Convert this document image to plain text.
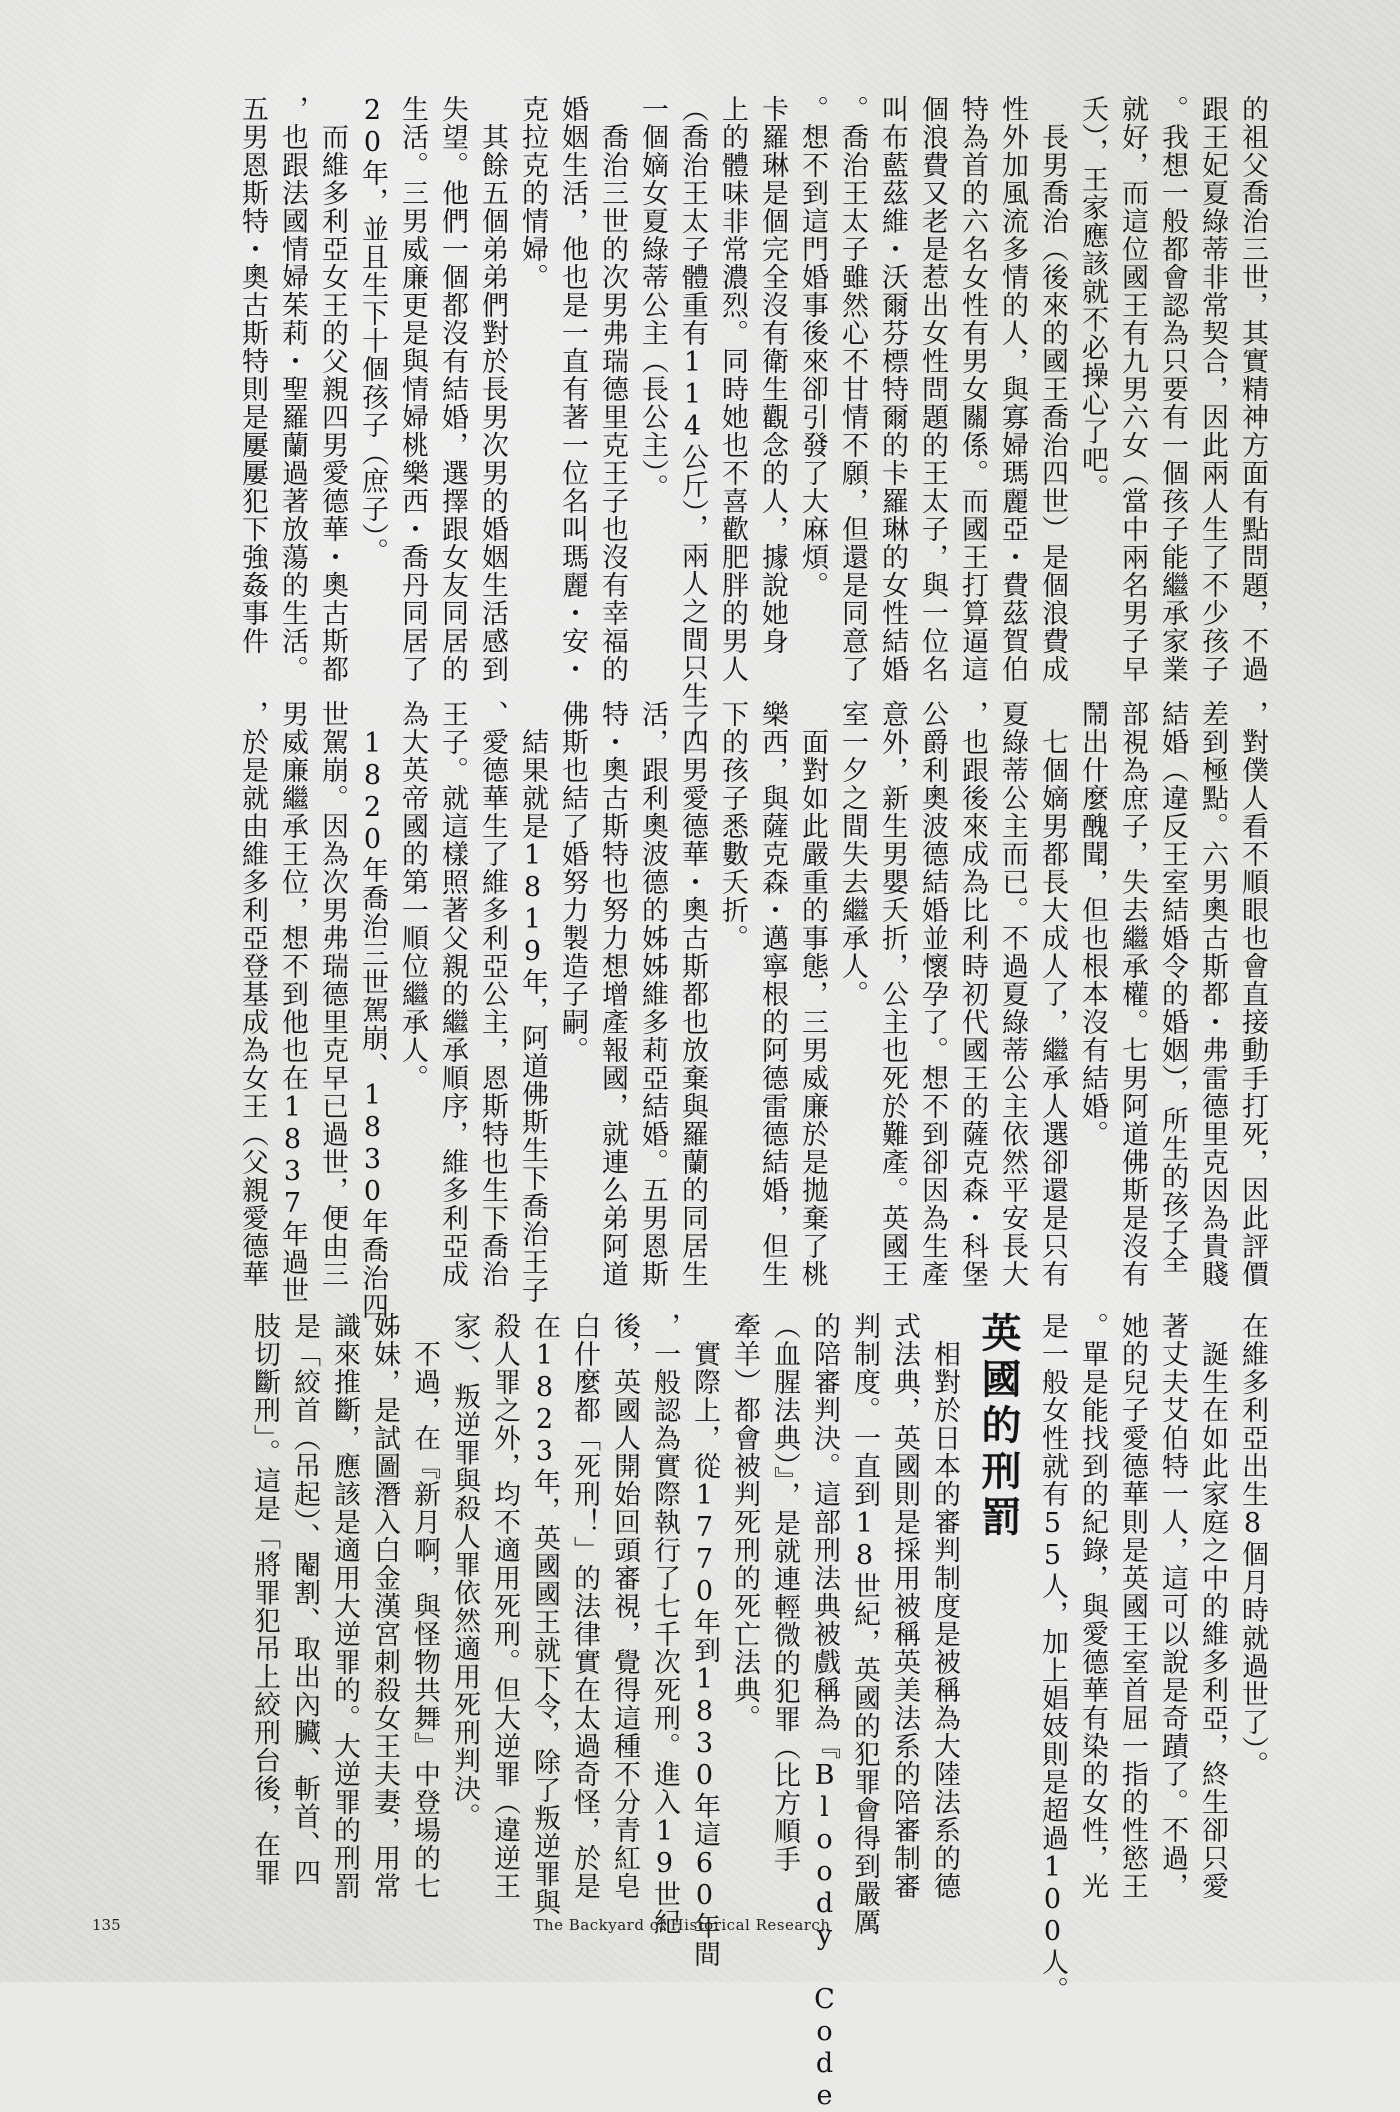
的祖父喬治三世，其實精神方面有點問題，不過
跟王妃夏綠蒂非常契合，因此兩人生了不少孩子
。我想一般都會認為只要有一個孩子能繼承家業
就好，而這位國王有九男六女（當中兩名男子早
夭），王家應該就不必操心了吧。
　長男喬治（後來的國王喬治四世）是個浪費成
性外加風流多情的人，與寡婦瑪麗亞・費茲賀伯
特為首的六名女性有男女關係。而國王打算逼這
個浪費又老是惹出女性問題的王太子，與一位名
叫布藍茲維・沃爾芬標特爾的卡羅琳的女性結婚
。喬治王太子雖然心不甘情不願，但還是同意了
。想不到這門婚事後來卻引發了大麻煩。
卡羅琳是個完全沒有衛生觀念的人，據說她身
上的體味非常濃烈。同時她也不喜歡肥胖的男人
（喬治王太子體重有114公斤），兩人之間只生了
一個嫡女夏綠蒂公主（長公主）。
　喬治三世的次男弗瑞德里克王子也沒有幸福的
婚姻生活，他也是一直有著一位名叫瑪麗・安・
克拉克的情婦。
　其餘五個弟弟們對於長男次男的婚姻生活感到
失望。他們一個都沒有結婚，選擇跟女友同居的
生活。三男威廉更是與情婦桃樂西・喬丹同居了
20年，並且生下十個孩子（庶子）。
　而維多利亞女王的父親四男愛德華・奧古斯都
，也跟法國情婦茱莉・聖羅蘭過著放蕩的生活。
五男恩斯特・奧古斯特則是屢屢犯下強姦事件
，對僕人看不順眼也會直接動手打死，因此評價
差到極點。六男奧古斯都・弗雷德里克因為貴賤
結婚（違反王室結婚令的婚姻），所生的孩子全
部視為庶子，失去繼承權。七男阿道佛斯是沒有
鬧出什麼醜聞，但也根本沒有結婚。
　七個嫡男都長大成人了，繼承人選卻還是只有
夏綠蒂公主而已。不過夏綠蒂公主依然平安長大
，也跟後來成為比利時初代國王的薩克森・科堡
公爵利奧波德結婚並懷孕了。想不到卻因為生產
意外，新生男嬰夭折，公主也死於難產。英國王
室一夕之間失去繼承人。
　面對如此嚴重的事態，三男威廉於是拋棄了桃
樂西，與薩克森・邁寧根的阿德雷德結婚，但生
下的孩子悉數夭折。
　四男愛德華・奧古斯都也放棄與羅蘭的同居生
活，跟利奧波德的姊姊維多莉亞結婚。五男恩斯
特・奧古斯特也努力想增產報國，就連么弟阿道
佛斯也結了婚努力製造子嗣。
　結果就是1819年，阿道佛斯生下喬治王子
、愛德華生了維多利亞公主，恩斯特也生下喬治
王子。就這樣照著父親的繼承順序，維多利亞成
為大英帝國的第一順位繼承人。
　1820年喬治三世駕崩、1830年喬治四
世駕崩。因為次男弗瑞德里克早已過世，便由三
男威廉繼承王位，想不到他也在1837年過世
，於是就由維多利亞登基成為女王（父親愛德華
在維多利亞出生8個月時就過世了）。
　誕生在如此家庭之中的維多利亞，終生卻只愛
著丈夫艾伯特一人，這可以說是奇蹟了。不過，
她的兒子愛德華則是英國王室首屈一指的性慾王
。單是能找到的紀錄，與愛德華有染的女性，光
是一般女性就有55人，加上娼妓則是超過100人。
英國的刑罰
　相對於日本的審判制度是被稱為大陸法系的德
式法典，英國則是採用被稱英美法系的陪審制審
判制度。一直到18世紀，英國的犯罪會得到嚴厲
的陪審判決。這部刑法典被戲稱為『Bloody Code
（血腥法典）』，是就連輕微的犯罪（比方順手
牽羊）都會被判死刑的死亡法典。
　實際上，從1770年到1830年這60年間
，一般認為實際執行了七千次死刑。進入19世紀
後，英國人開始回頭審視，覺得這種不分青紅皂
白什麼都「死刑！」的法律實在太過奇怪，於是
在1823年，英國國王就下令，除了叛逆罪與
殺人罪之外，均不適用死刑。但大逆罪（違逆王
家）、叛逆罪與殺人罪依然適用死刑判決。
　不過，在『新月啊，與怪物共舞』中登場的七
姊妹，是試圖潛入白金漢宮刺殺女王夫妻，用常
識來推斷，應該是適用大逆罪的。大逆罪的刑罰
是「絞首（吊起）、閹割、取出內臟、斬首、四
肢切斷刑」。這是「將罪犯吊上絞刑台後，在罪
135	The Backyard of Historical Research
